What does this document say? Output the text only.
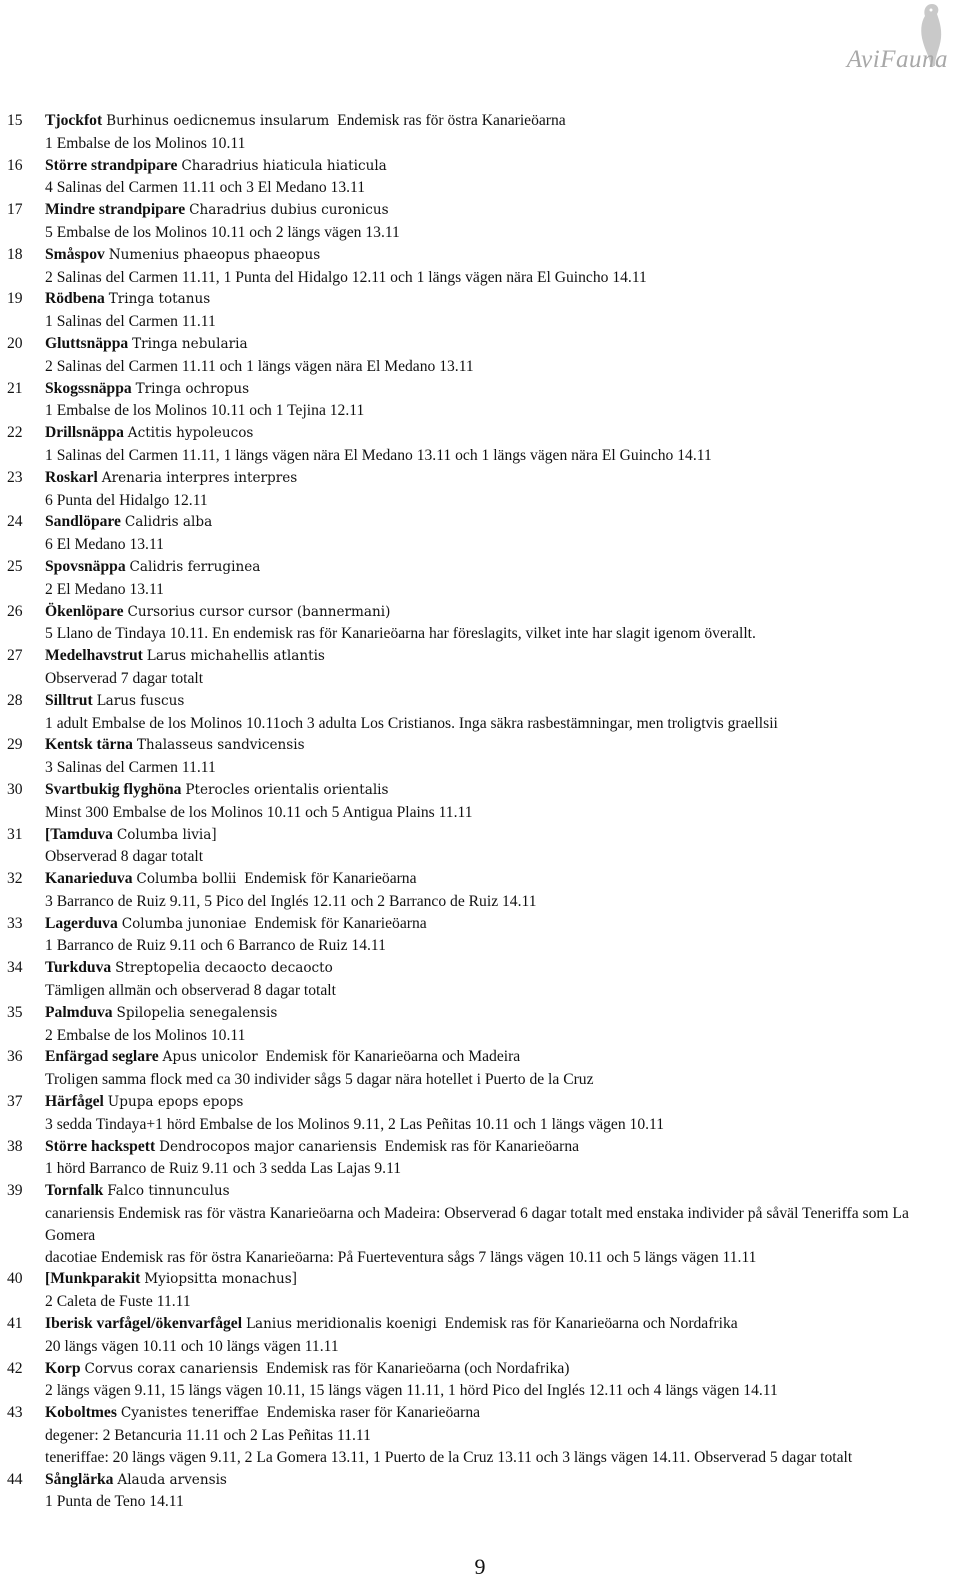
AviFauna
15 Tjockfot Burhinus oedicnemus insularum Endemisk ras för östra Kanarieöarna
1 Embalse de los Molinos 10.11
16 Större strandpipare Charadrius hiaticula hiaticula
4 Salinas del Carmen 11.11 och 3 El Medano 13.11
17 Mindre strandpipare Charadrius dubius curonicus
5 Embalse de los Molinos 10.11 och 2 längs vägen 13.11
18 Småspov Numenius phaeopus phaeopus
2 Salinas del Carmen 11.11, 1 Punta del Hidalgo 12.11 och 1 längs vägen nära El Guincho 14.11
19 Rödbena Tringa totanus
1 Salinas del Carmen 11.11
20 Gluttsnäppa Tringa nebularia
2 Salinas del Carmen 11.11 och 1 längs vägen nära El Medano 13.11
21 Skogssnäppa Tringa ochropus
1 Embalse de los Molinos 10.11 och 1 Tejina 12.11
22 Drillsnäppa Actitis hypoleucos
1 Salinas del Carmen 11.11, 1 längs vägen nära El Medano 13.11 och 1 längs vägen nära El Guincho 14.11
23 Roskarl Arenaria interpres interpres
6 Punta del Hidalgo 12.11
24 Sandlöpare Calidris alba
6 El Medano 13.11
25 Spovsnäppa Calidris ferruginea
2 El Medano 13.11
26 Ökenlöpare Cursorius cursor cursor (bannermani)
5 Llano de Tindaya 10.11. En endemisk ras för Kanarieöarna har föreslagits, vilket inte har slagit igenom överallt.
27 Medelhavstrut Larus michahellis atlantis
Observerad 7 dagar totalt
28 Silltrut Larus fuscus
1 adult Embalse de los Molinos 10.11och 3 adulta Los Cristianos. Inga säkra rasbestämningar, men troligtvis graellsii
29 Kentsk tärna Thalasseus sandvicensis
3 Salinas del Carmen 11.11
30 Svartbukig flyghöna Pterocles orientalis orientalis
Minst 300 Embalse de los Molinos 10.11 och 5 Antigua Plains 11.11
31 [Tamduva Columba livia]
Observerad 8 dagar totalt
32 Kanarieduva Columba bollii Endemisk för Kanarieöarna
3 Barranco de Ruiz 9.11, 5 Pico del Inglés 12.11 och 2 Barranco de Ruiz 14.11
33 Lagerduva Columba junoniae Endemisk för Kanarieöarna
1 Barranco de Ruiz 9.11 och 6 Barranco de Ruiz 14.11
34 Turkduva Streptopelia decaocto decaocto
Tämligen allmän och observerad 8 dagar totalt
35 Palmduva Spilopelia senegalensis
2 Embalse de los Molinos 10.11
36 Enfärgad seglare Apus unicolor Endemisk för Kanarieöarna och Madeira
Troligen samma flock med ca 30 individer sågs 5 dagar nära hotellet i Puerto de la Cruz
37 Härfågel Upupa epops epops
3 sedda Tindaya+1 hörd Embalse de los Molinos 9.11, 2 Las Peñitas 10.11 och 1 längs vägen 10.11
38 Större hackspett Dendrocopos major canariensis Endemisk ras för Kanarieöarna
1 hörd Barranco de Ruiz 9.11 och 3 sedda Las Lajas 9.11
39 Tornfalk Falco tinnunculus
canariensis Endemisk ras för västra Kanarieöarna och Madeira: Observerad 6 dagar totalt med enstaka individer på såväl Teneriffa som La Gomera
dacotiae Endemisk ras för östra Kanarieöarna: På Fuerteventura sågs 7 längs vägen 10.11 och 5 längs vägen 11.11
40 [Munkparakit Myiopsitta monachus]
2 Caleta de Fuste 11.11
41 Iberisk varfågel/ökenvarfågel Lanius meridionalis koenigi Endemisk ras för Kanarieöarna och Nordafrika
20 längs vägen 10.11 och 10 längs vägen 11.11
42 Korp Corvus corax canariensis Endemisk ras för Kanarieöarna (och Nordafrika)
2 längs vägen 9.11, 15 längs vägen 10.11, 15 längs vägen 11.11, 1 hörd Pico del Inglés 12.11 och 4 längs vägen 14.11
43 Koboltmes Cyanistes teneriffae Endemiska raser för Kanarieöarna
degener: 2 Betancuria 11.11 och 2 Las Peñitas 11.11
teneriffae: 20 längs vägen 9.11, 2 La Gomera 13.11, 1 Puerto de la Cruz 13.11 och 3 längs vägen 14.11. Observerad 5 dagar totalt
44 Sånglärka Alauda arvensis
1 Punta de Teno 14.11
9
